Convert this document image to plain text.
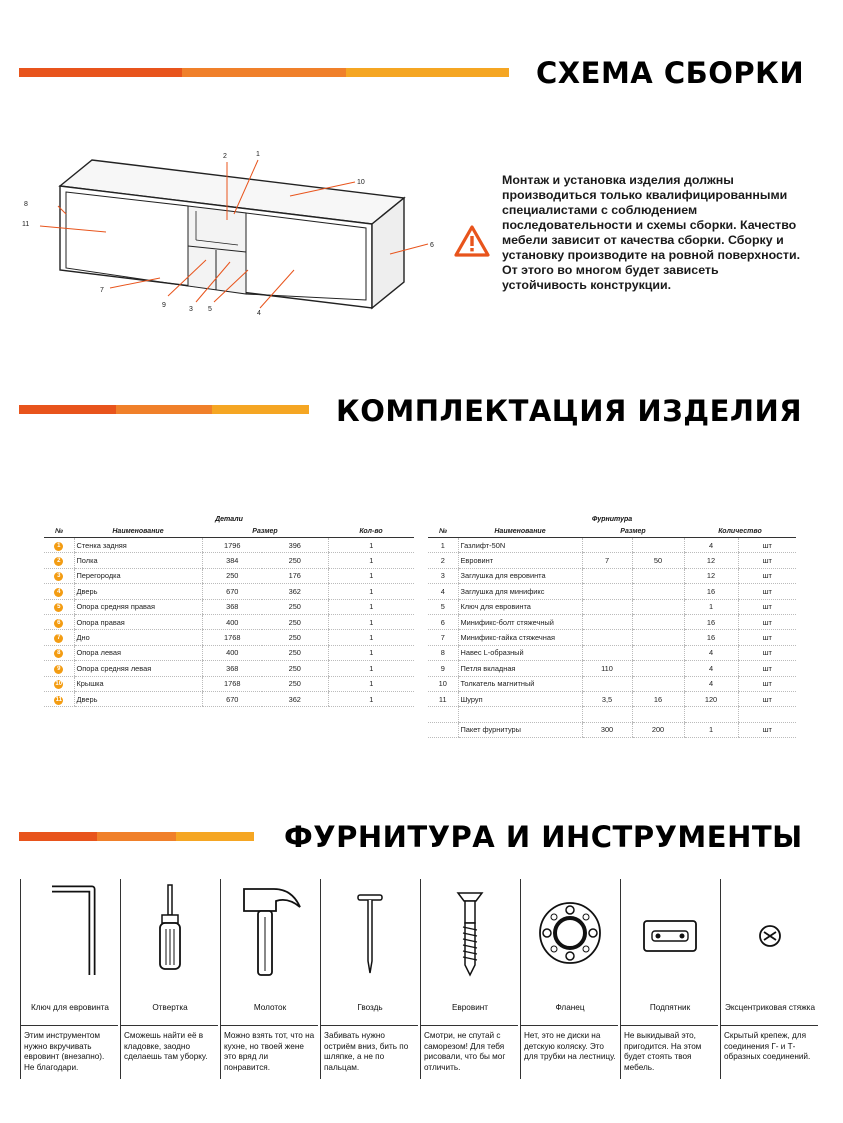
СХЕМА СБОРКИ
1
2
3
4
5
6
7
8
9
10
11
Монтаж и установка изделия должны производиться только квалифицированными специалистами с соблюдением последовательности и схемы сборки. Качество мебели зависит от качества сборки. Сборку и установку производите на ровной поверхности. От этого во многом будет зависеть устойчивость конструкции.
КОМПЛЕКТАЦИЯ ИЗДЕЛИЯ
Детали
№	Наименование	Размер		Кол-во
1	Стенка задняя	1796	396	1
2	Полка	384	250	1
3	Перегородка	250	176	1
4	Дверь	670	362	1
5	Опора средняя правая	368	250	1
6	Опора правая	400	250	1
7	Дно	1768	250	1
8	Опора левая	400	250	1
9	Опора средняя левая	368	250	1
10	Крышка	1768	250	1
11	Дверь	670	362	1
Фурнитура
№	Наименование	Размер		Количество	
1	Газлифт-50N			4	шт
2	Евровинт	7	50	12	шт
3	Заглушка для евровинта			12	шт
4	Заглушка для минификс			16	шт
5	Ключ для евровинта			1	шт
6	Минификс-болт стяжечный			16	шт
7	Минификс-гайка стяжечная			16	шт
8	Навес L-образный			4	шт
9	Петля вкладная	110		4	шт
10	Толкатель магнитный			4	шт
11	Шуруп	3,5	16	120	шт

	Пакет фурнитуры	300	200	1	шт
ФУРНИТУРА И ИНСТРУМЕНТЫ
Ключ для евровинта
Этим инструментом нужно вкручивать евровинт (внезапно). Не благодари.
Отвертка
Сможешь найти её в кладовке, заодно сделаешь там уборку.
Молоток
Можно взять тот, что на кухне, но твоей жене это вряд ли понравится.
Гвоздь
Забивать нужно остриём вниз, бить по шляпке, а не по пальцам.
Евровинт
Смотри, не спутай с саморезом! Для тебя рисовали, что бы мог отличить.
Фланец
Нет, это не диски на детскую коляску. Это для трубки на лестницу.
Подпятник
Не выкидывай это, пригодится. На этом будет стоять твоя мебель.
Эксцентриковая стяжка
Скрытый крепеж, для соединения Г- и Т-образных соединений.
